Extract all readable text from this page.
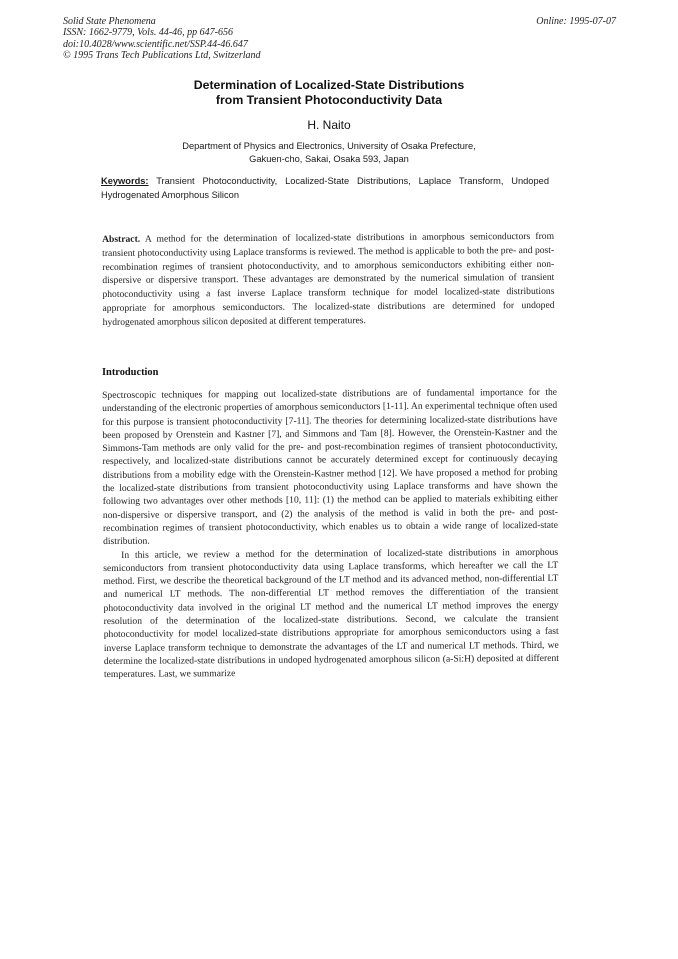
Solid State Phenomena
ISSN: 1662-9779, Vols. 44-46, pp 647-656
doi:10.4028/www.scientific.net/SSP.44-46.647
© 1995 Trans Tech Publications Ltd, Switzerland
Online: 1995-07-07
Determination of Localized-State Distributions
from Transient Photoconductivity Data
H. Naito
Department of Physics and Electronics, University of Osaka Prefecture,
Gakuen-cho, Sakai, Osaka 593, Japan
Keywords: Transient Photoconductivity, Localized-State Distributions, Laplace Transform, Undoped Hydrogenated Amorphous Silicon
Abstract. A method for the determination of localized-state distributions in amorphous semiconductors from transient photoconductivity using Laplace transforms is reviewed. The method is applicable to both the pre- and post-recombination regimes of transient photoconductivity, and to amorphous semiconductors exhibiting either non-dispersive or dispersive transport. These advantages are demonstrated by the numerical simulation of transient photoconductivity using a fast inverse Laplace transform technique for model localized-state distributions appropriate for amorphous semiconductors. The localized-state distributions are determined for undoped hydrogenated amorphous silicon deposited at different temperatures.
Introduction

Spectroscopic techniques for mapping out localized-state distributions are of fundamental importance for the understanding of the electronic properties of amorphous semiconductors [1-11]. An experimental technique often used for this purpose is transient photoconductivity [7-11]. The theories for determining localized-state distributions have been proposed by Orenstein and Kastner [7], and Simmons and Tam [8]. However, the Orenstein-Kastner and the Simmons-Tam methods are only valid for the pre- and post-recombination regimes of transient photoconductivity, respectively, and localized-state distributions cannot be accurately determined except for continuously decaying distributions from a mobility edge with the Orenstein-Kastner method [12]. We have proposed a method for probing the localized-state distributions from transient photoconductivity using Laplace transforms and have shown the following two advantages over other methods [10, 11]: (1) the method can be applied to materials exhibiting either non-dispersive or dispersive transport, and (2) the analysis of the method is valid in both the pre- and post-recombination regimes of transient photoconductivity, which enables us to obtain a wide range of localized-state distribution.

In this article, we review a method for the determination of localized-state distributions in amorphous semiconductors from transient photoconductivity data using Laplace transforms, which hereafter we call the LT method. First, we describe the theoretical background of the LT method and its advanced method, non-differential LT and numerical LT methods. The non-differential LT method removes the differentiation of the transient photoconductivity data involved in the original LT method and the numerical LT method improves the energy resolution of the determination of the localized-state distributions. Second, we calculate the transient photoconductivity for model localized-state distributions appropriate for amorphous semiconductors using a fast inverse Laplace transform technique to demonstrate the advantages of the LT and numerical LT methods. Third, we determine the localized-state distributions in undoped hydrogenated amorphous silicon (a-Si:H) deposited at different temperatures. Last, we summarize
